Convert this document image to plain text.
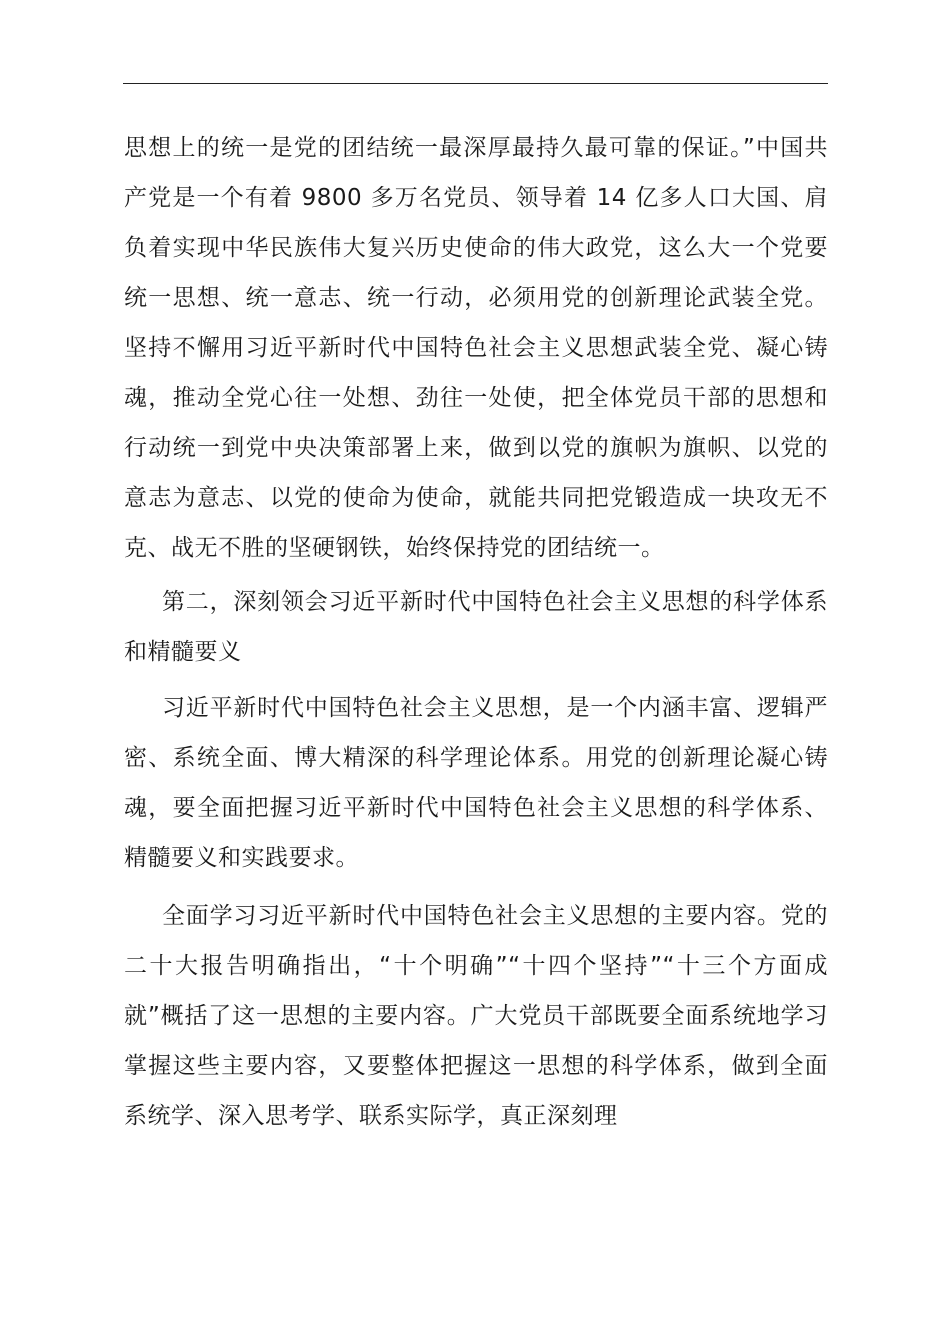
思想上的统一是党的团结统一最深厚最持久最可靠的保证。”中国共产党是一个有着 9800 多万名党员、领导着 14 亿多人口大国、肩负着实现中华民族伟大复兴历史使命的伟大政党，这么大一个党要统一思想、统一意志、统一行动，必须用党的创新理论武装全党。坚持不懈用习近平新时代中国特色社会主义思想武装全党、凝心铸魂，推动全党心往一处想、劲往一处使，把全体党员干部的思想和行动统一到党中央决策部署上来，做到以党的旗帜为旗帜、以党的意志为意志、以党的使命为使命，就能共同把党锻造成一块攻无不克、战无不胜的坚硬钢铁，始终保持党的团结统一。

第二，深刻领会习近平新时代中国特色社会主义思想的科学体系和精髓要义

习近平新时代中国特色社会主义思想，是一个内涵丰富、逻辑严密、系统全面、博大精深的科学理论体系。用党的创新理论凝心铸魂，要全面把握习近平新时代中国特色社会主义思想的科学体系、精髓要义和实践要求。

全面学习习近平新时代中国特色社会主义思想的主要内容。党的二十大报告明确指出，“十个明确”“十四个坚持”“十三个方面成就”概括了这一思想的主要内容。广大党员干部既要全面系统地学习掌握这些主要内容，又要整体把握这一思想的科学体系，做到全面系统学、深入思考学、联系实际学，真正深刻理
